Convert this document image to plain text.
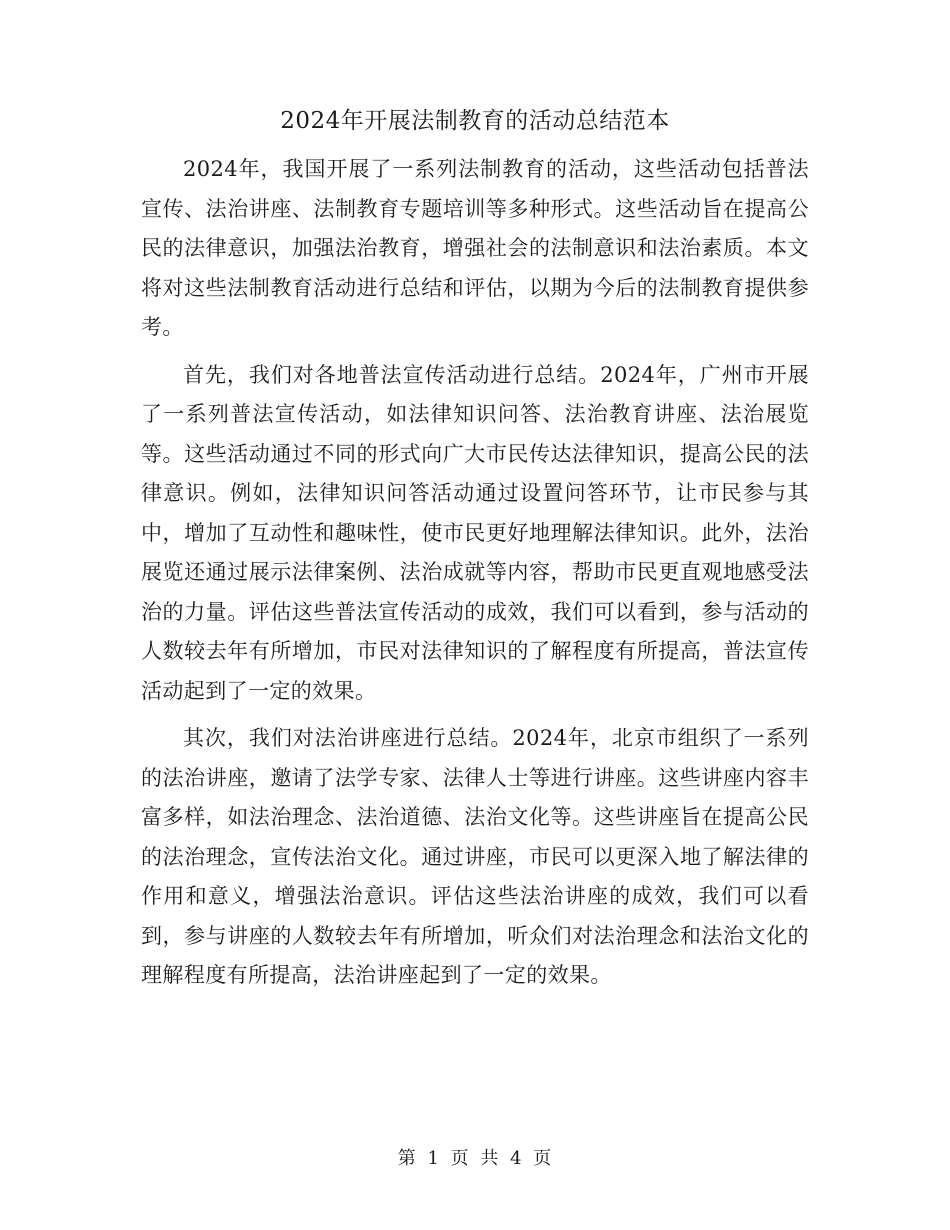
2024年开展法制教育的活动总结范本

2024年，我国开展了一系列法制教育的活动，这些活动包括普法宣传、法治讲座、法制教育专题培训等多种形式。这些活动旨在提高公民的法律意识，加强法治教育，增强社会的法制意识和法治素质。本文将对这些法制教育活动进行总结和评估，以期为今后的法制教育提供参考。

首先，我们对各地普法宣传活动进行总结。2024年，广州市开展了一系列普法宣传活动，如法律知识问答、法治教育讲座、法治展览等。这些活动通过不同的形式向广大市民传达法律知识，提高公民的法律意识。例如，法律知识问答活动通过设置问答环节，让市民参与其中，增加了互动性和趣味性，使市民更好地理解法律知识。此外，法治展览还通过展示法律案例、法治成就等内容，帮助市民更直观地感受法治的力量。评估这些普法宣传活动的成效，我们可以看到，参与活动的人数较去年有所增加，市民对法律知识的了解程度有所提高，普法宣传活动起到了一定的效果。

其次，我们对法治讲座进行总结。2024年，北京市组织了一系列的法治讲座，邀请了法学专家、法律人士等进行讲座。这些讲座内容丰富多样，如法治理念、法治道德、法治文化等。这些讲座旨在提高公民的法治理念，宣传法治文化。通过讲座，市民可以更深入地了解法律的作用和意义，增强法治意识。评估这些法治讲座的成效，我们可以看到，参与讲座的人数较去年有所增加，听众们对法治理念和法治文化的理解程度有所提高，法治讲座起到了一定的效果。

第 1 页 共 4 页
